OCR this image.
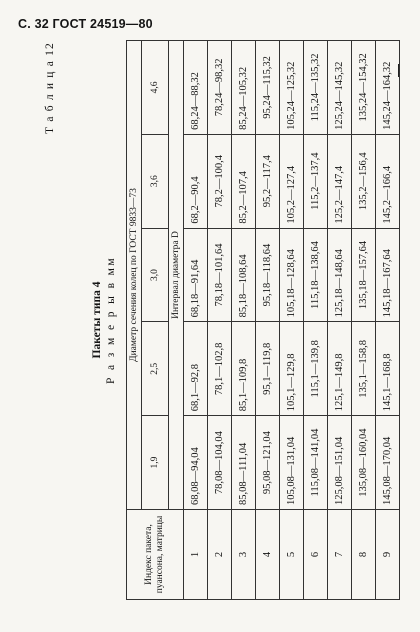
С. 32 ГОСТ 24519—80
Т а б л и ц а 12
Пакеты типа 4 Р а з м е р ы в мм
Индекс пакета, пуансона, матрицы	Диаметр сечения колец по ГОСТ 9833—73				
	1,9	2,5	3,0	3,6	4,6
	Интервал диаметра D				
1	68,08—94,04	68,1—92,8	68,18—91,64	68,2—90,4	68,24—88,32

2	78,08—104,04	78,1—102,8	78,18—101,64	78,2—100,4	78,24—98,32

3	85,08—111,04	85,1—109,8	85,18—108,64	85,2—107,4	85,24—105,32

4	95,08—121,04	95,1—119,8	95,18—118,64	95,2—117,4	95,24—115,32

5	105,08—131,04	105,1—129,8	105,18—128,64	105,2—127,4	105,24—125,32

6	115,08—141,04	115,1—139,8	115,18—138,64	115,2—137,4	115,24—135,32

7	125,08—151,04	125,1—149,8	125,18—148,64	125,2—147,4	125,24—145,32

8	135,08—160,04	135,1—158,8	135,18—157,64	135,2—156,4	135,24—154,32

9	145,08—170,04	145,1—168,8	145,18—167,64	145,2—166,4	145,24—164,32
